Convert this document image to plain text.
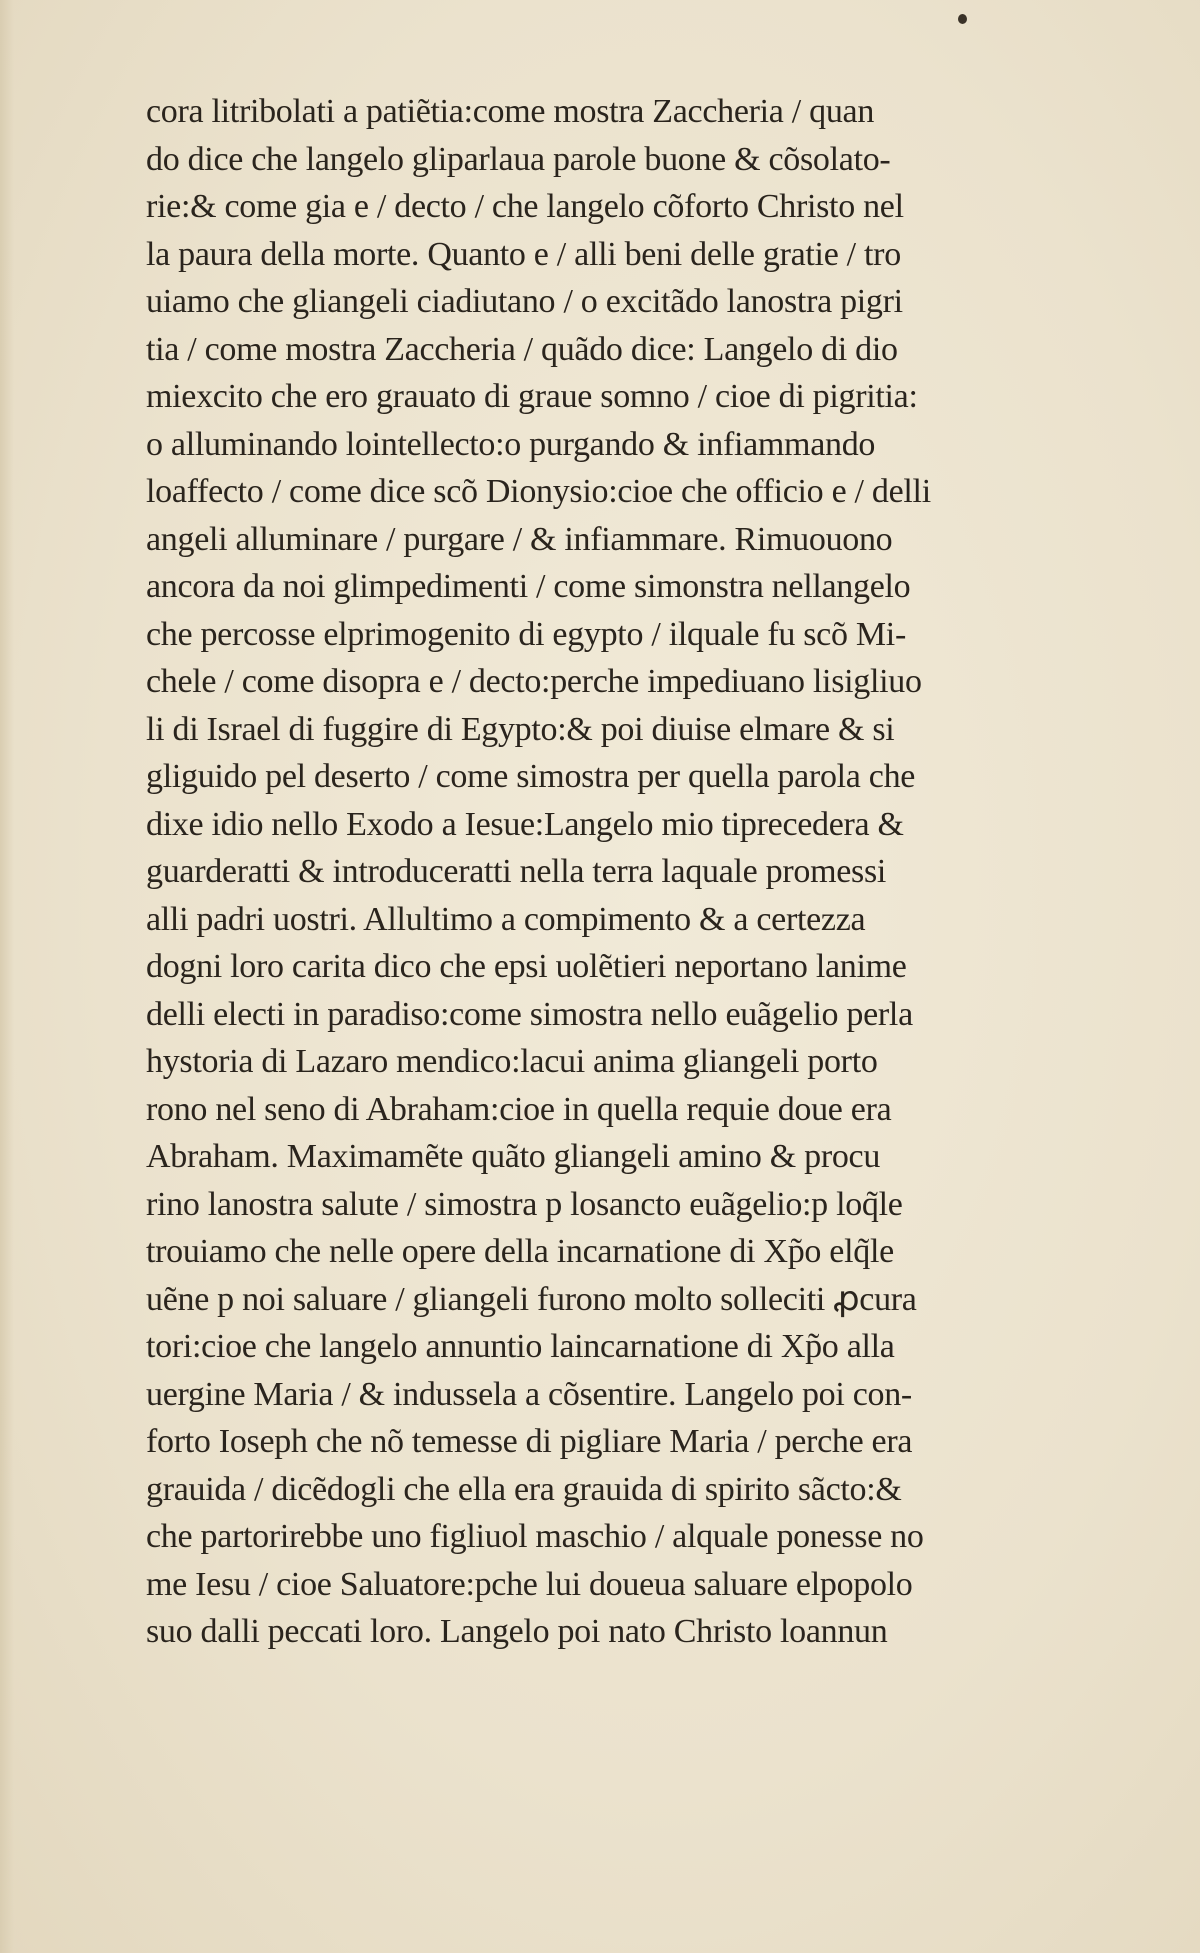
cora litribolati a patiẽtia:come mostra Zaccheria / quan
do dice che langelo gliparlaua parole buone & cõsolato-
rie:& come gia e / decto / che langelo cõforto Christo nel
la paura della morte. Quanto e / alli beni delle gratie / tro
uiamo che gliangeli ciadiutano / o excitãdo lanostra pigri
tia / come mostra Zaccheria / quãdo dice: Langelo di dio
miexcito che ero grauato di graue somno / cioe di pigritia:
o alluminando lointellecto:o purgando & infiammando
loaffecto / come dice scõ Dionysio:cioe che officio e / delli
angeli alluminare / purgare / & infiammare. Rimuouono
ancora da noi glimpedimenti / come simonstra nellangelo
che percosse elprimogenito di egypto / ilquale fu scõ Mi-
chele / come disopra e / decto:perche impediuano lisigliuo
li di Israel di fuggire di Egypto:& poi diuise elmare & si
gliguido pel deserto / come simostra per quella parola che
dixe idio nello Exodo a Iesue:Langelo mio tiprecedera &
guarderatti & introduceratti nella terra laquale promessi
alli padri uostri. Allultimo a compimento & a certezza
dogni loro carita dico che epsi uolẽtieri neportano lanime
delli electi in paradiso:come simostra nello euãgelio perla
hystoria di Lazaro mendico:lacui anima gliangeli porto
rono nel seno di Abraham:cioe in quella requie doue era
Abraham. Maximamẽte quãto gliangeli amino & procu
rino lanostra salute / simostra p losancto euãgelio:p loq̃le
trouiamo che nelle opere della incarnatione di Xp̃o elq̃le
uẽne p noi saluare / gliangeli furono molto solleciti ꝓcura
tori:cioe che langelo annuntio laincarnatione di Xp̃o alla
uergine Maria / & indussela a cõsentire. Langelo poi con-
forto Ioseph che nõ temesse di pigliare Maria / perche era
grauida / dicẽdogli che ella era grauida di spirito sãcto:&
che partorirebbe uno figliuol maschio / alquale ponesse no
me Iesu / cioe Saluatore:pche lui doueua saluare elpopolo
suo dalli peccati loro. Langelo poi nato Christo loannun
